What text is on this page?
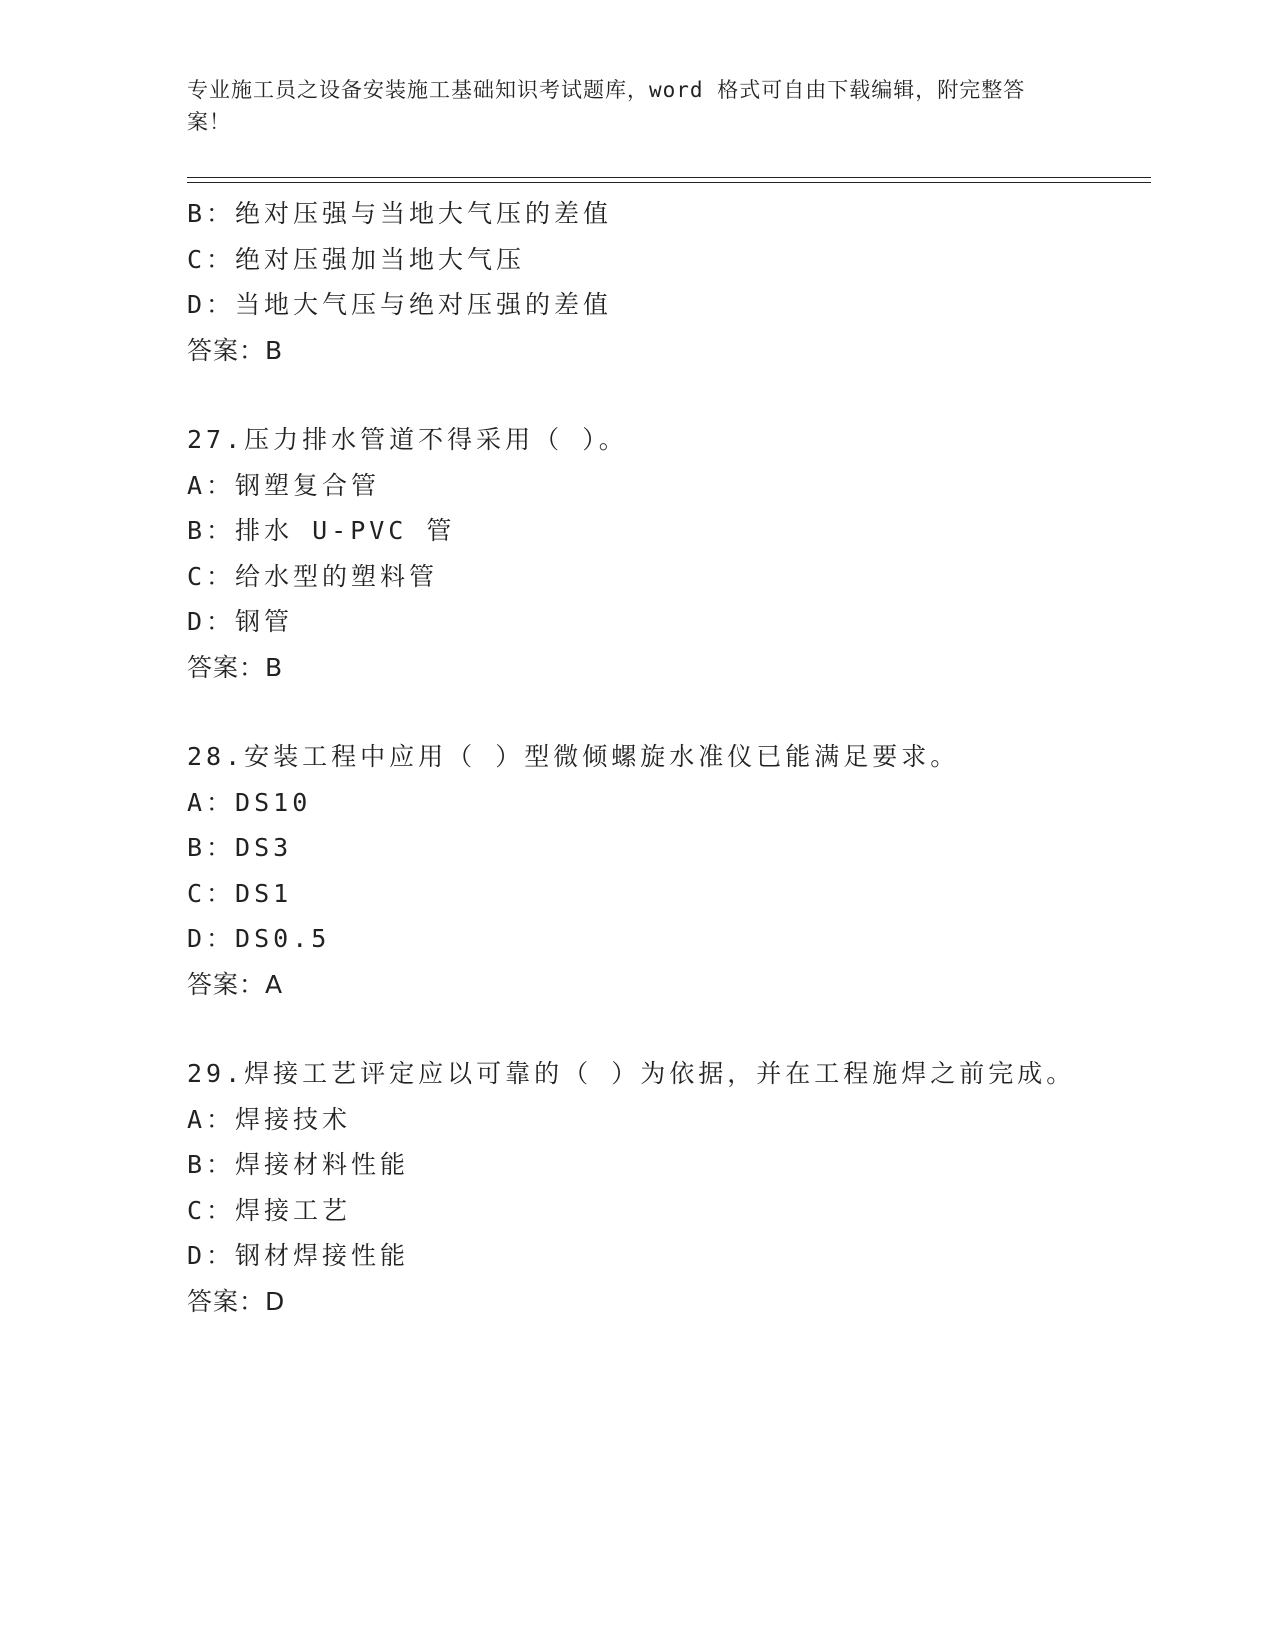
专业施工员之设备安装施工基础知识考试题库，word 格式可自由下载编辑，附完整答案！
B：绝对压强与当地大气压的差值
C：绝对压强加当地大气压
D：当地大气压与绝对压强的差值
答案：B
27.压力排水管道不得采用（ ）。
A：钢塑复合管
B：排水 U-PVC 管
C：给水型的塑料管
D：钢管
答案：B
28.安装工程中应用（ ）型微倾螺旋水准仪已能满足要求。
A：DS10
B：DS3
C：DS1
D：DS0.5
答案：A
29.焊接工艺评定应以可靠的（ ）为依据，并在工程施焊之前完成。
A：焊接技术
B：焊接材料性能
C：焊接工艺
D：钢材焊接性能
答案：D
